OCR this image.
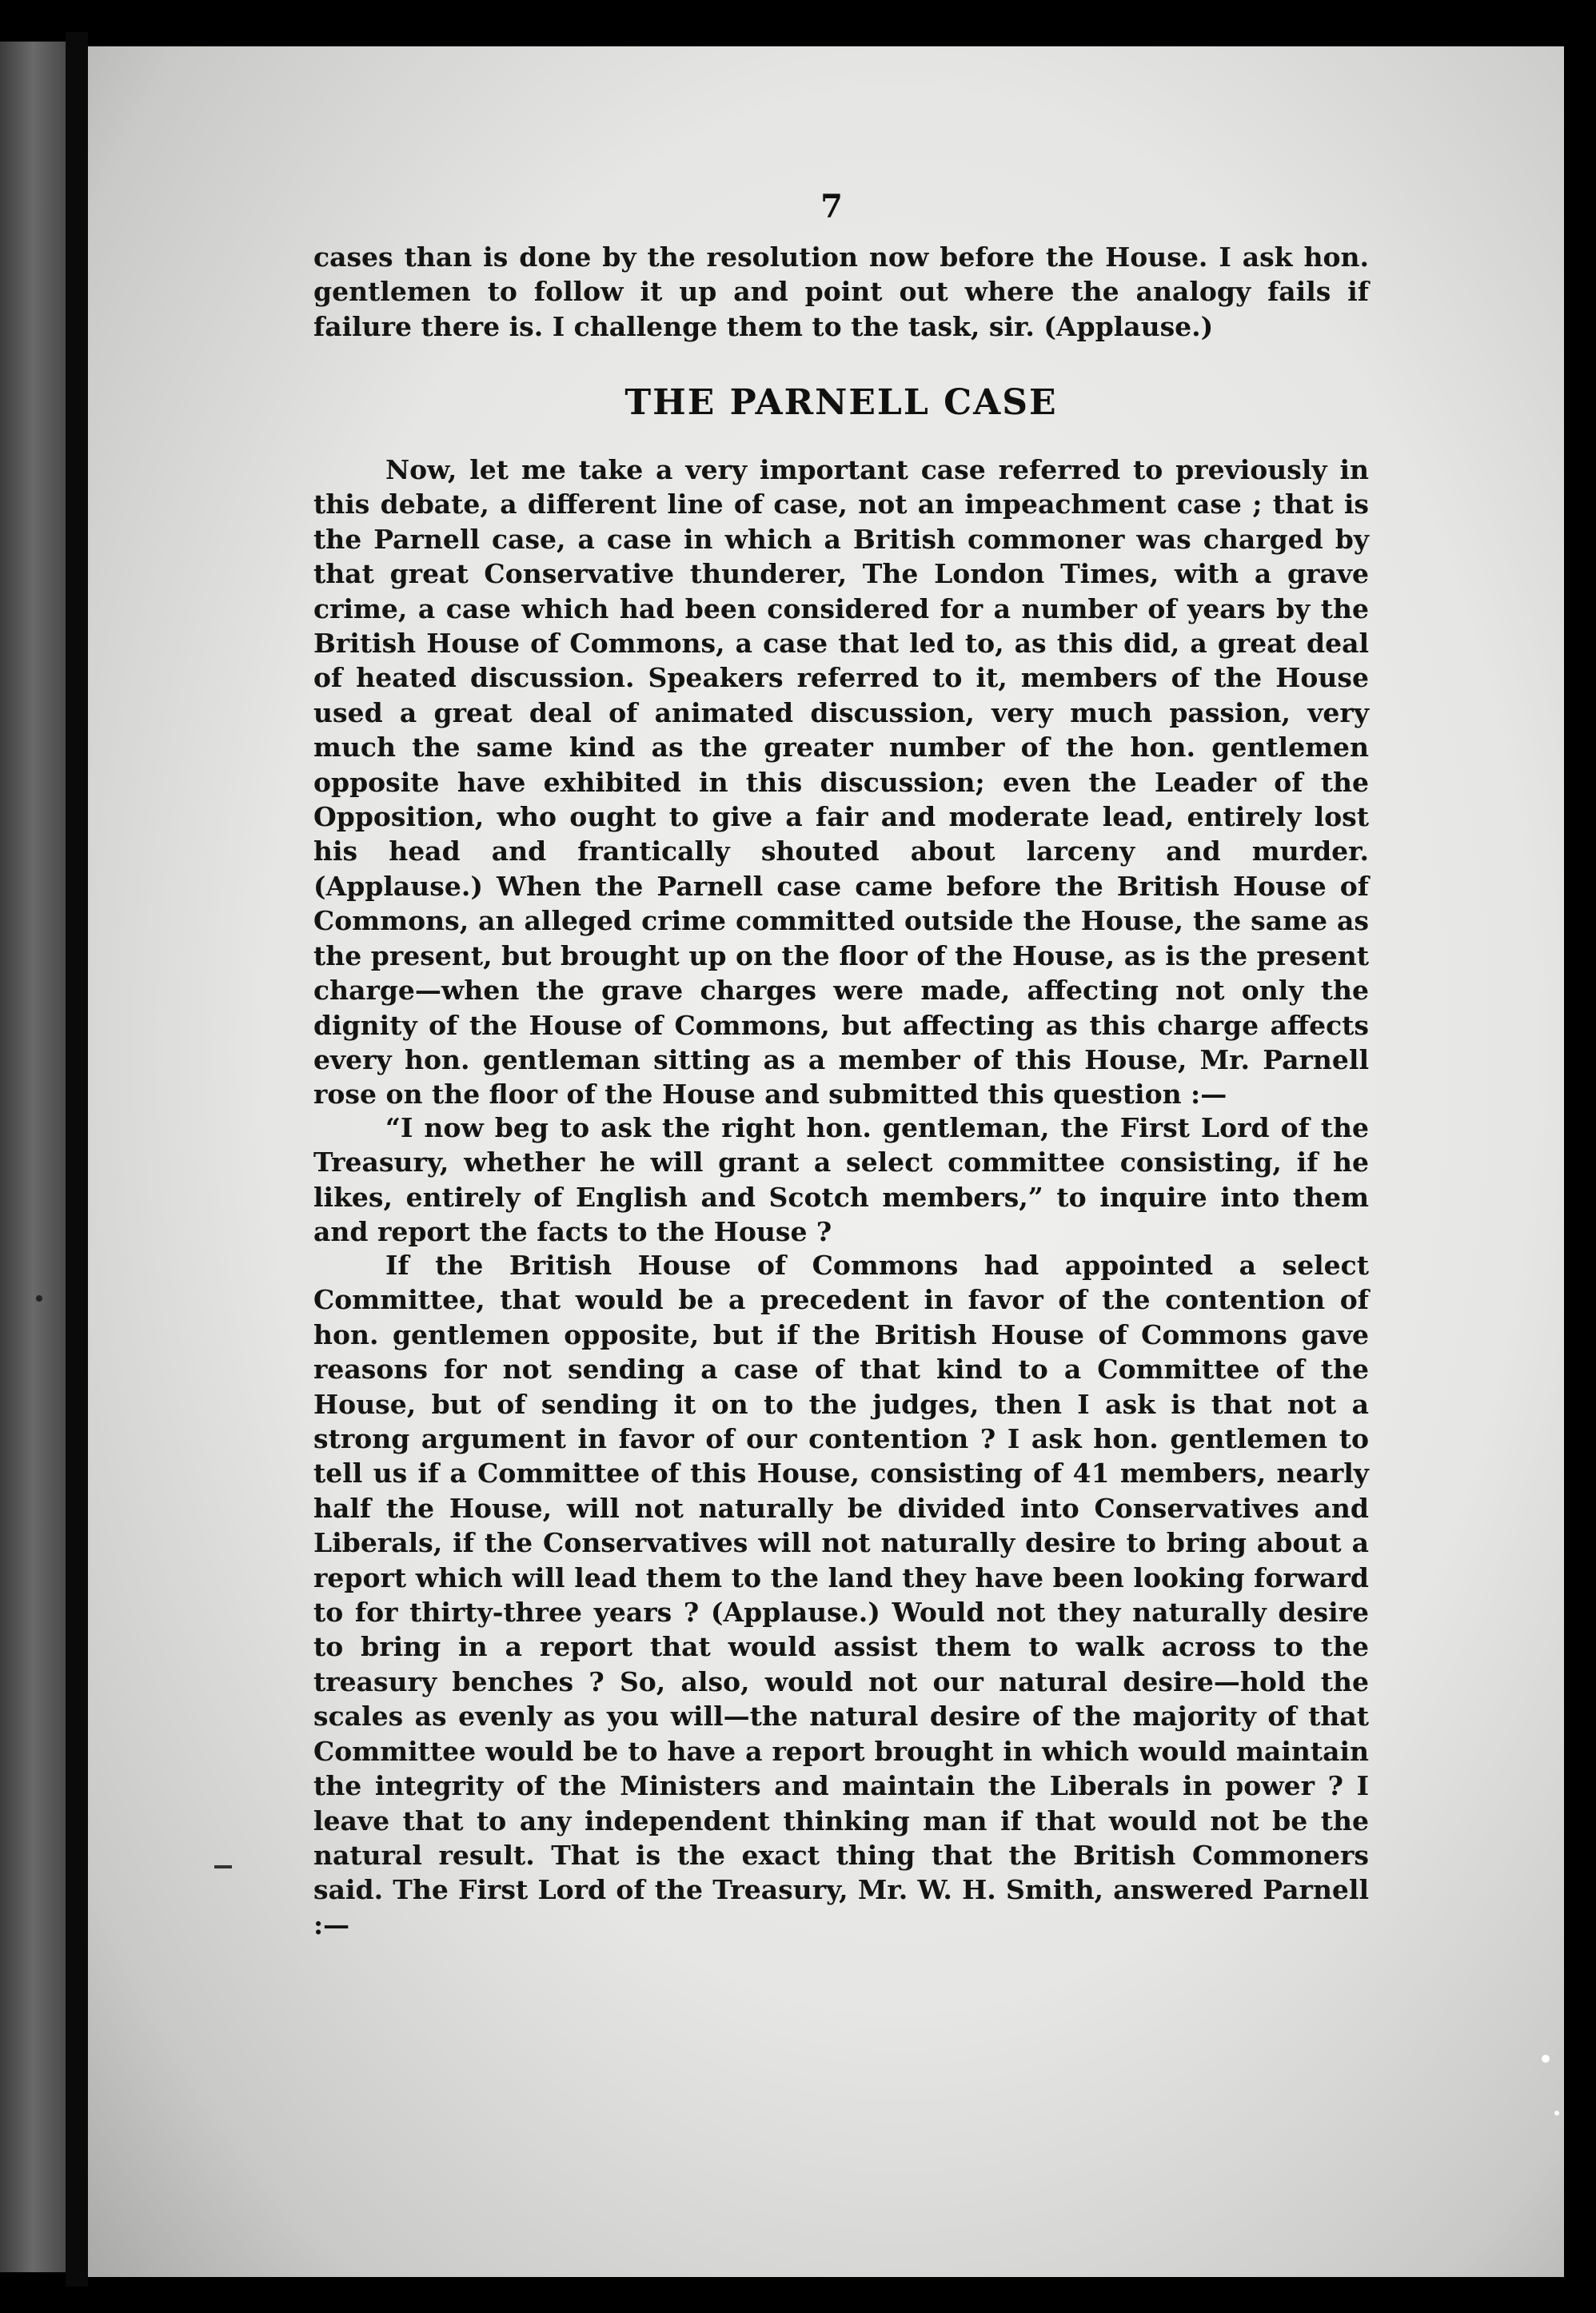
7

cases than is done by the resolution now before the House. I ask hon. gentlemen to follow it up and point out where the analogy fails if failure there is. I challenge them to the task, sir. (Applause.)

THE PARNELL CASE

Now, let me take a very important case referred to previously in this debate, a different line of case, not an impeachment case ; that is the Parnell case, a case in which a British commoner was charged by that great Conservative thunderer, The London Times, with a grave crime, a case which had been considered for a number of years by the British House of Commons, a case that led to, as this did, a great deal of heated discussion. Speakers referred to it, members of the House used a great deal of animated discussion, very much passion, very much the same kind as the greater number of the hon. gentlemen opposite have exhibited in this discussion; even the Leader of the Opposition, who ought to give a fair and moderate lead, entirely lost his head and frantically shouted about larceny and murder. (Applause.) When the Parnell case came before the British House of Commons, an alleged crime committed outside the House, the same as the present, but brought up on the floor of the House, as is the present charge—when the grave charges were made, affecting not only the dignity of the House of Commons, but affecting as this charge affects every hon. gentleman sitting as a member of this House, Mr. Parnell rose on the floor of the House and submitted this question :—

“I now beg to ask the right hon. gentleman, the First Lord of the Treasury, whether he will grant a select committee consisting, if he likes, entirely of English and Scotch members,” to inquire into them and report the facts to the House ?

If the British House of Commons had appointed a select Committee, that would be a precedent in favor of the contention of hon. gentlemen opposite, but if the British House of Commons gave reasons for not sending a case of that kind to a Committee of the House, but of sending it on to the judges, then I ask is that not a strong argument in favor of our contention ? I ask hon. gentlemen to tell us if a Committee of this House, consisting of 41 members, nearly half the House, will not naturally be divided into Conservatives and Liberals, if the Conservatives will not naturally desire to bring about a report which will lead them to the land they have been looking forward to for thirty-three years ? (Applause.) Would not they naturally desire to bring in a report that would assist them to walk across to the treasury benches ? So, also, would not our natural desire—hold the scales as evenly as you will—the natural desire of the majority of that Committee would be to have a report brought in which would maintain the integrity of the Ministers and maintain the Liberals in power ? I leave that to any independent thinking man if that would not be the natural result. That is the exact thing that the British Commoners said. The First Lord of the Treasury, Mr. W. H. Smith, answered Parnell :—
